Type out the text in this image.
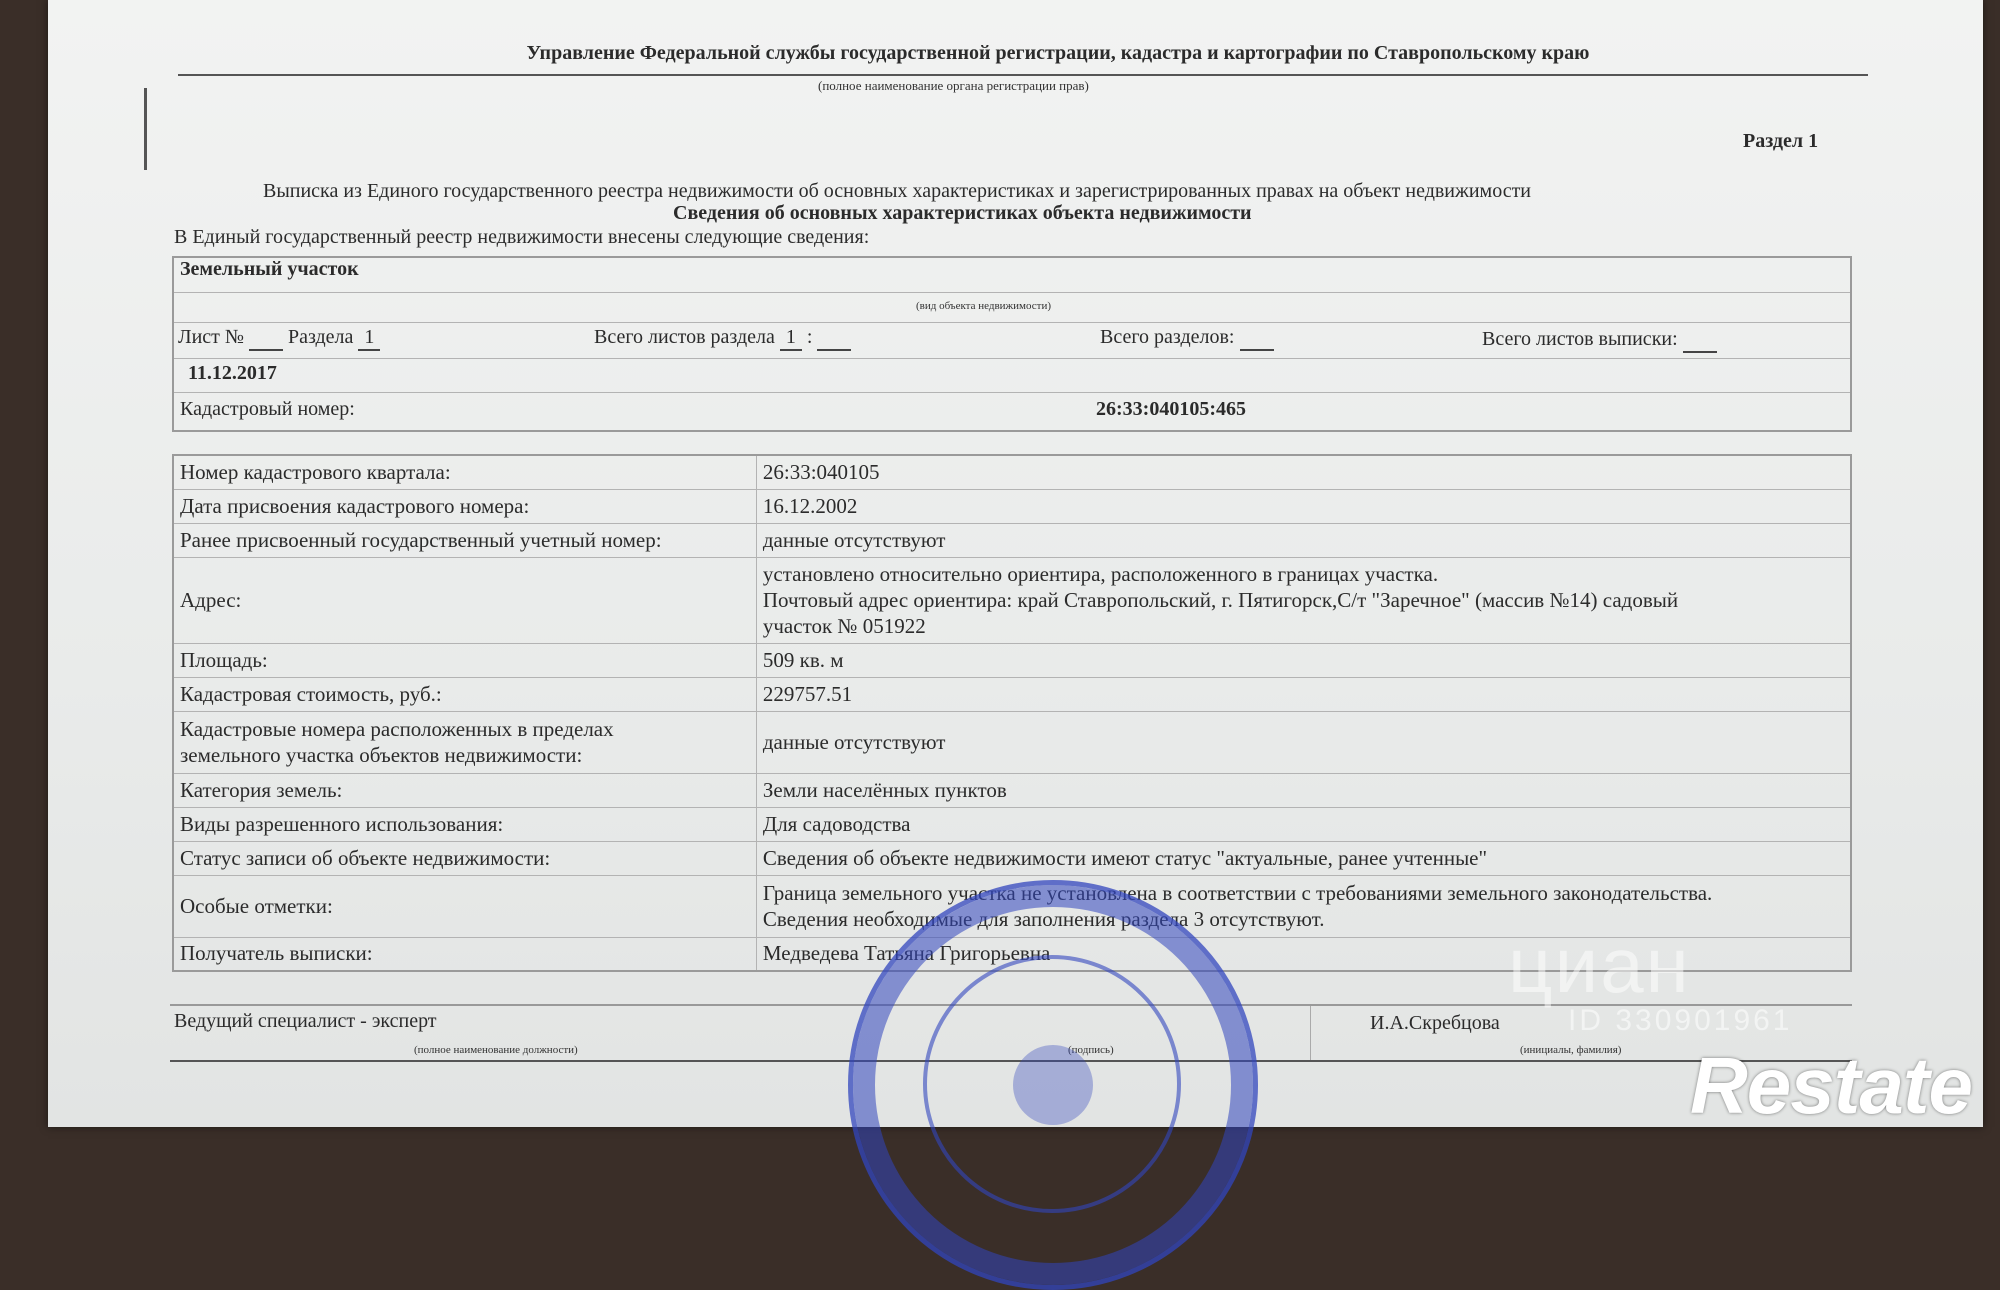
Управление Федеральной службы государственной регистрации, кадастра и картографии по Ставропольскому краю
(полное наименование органа регистрации прав)
Раздел 1
Выписка из Единого государственного реестра недвижимости об основных характеристиках и зарегистрированных правах на объект недвижимости
Сведения об основных характеристиках объекта недвижимости
В Единый государственный реестр недвижимости внесены следующие сведения:
Земельный участок
(вид объекта недвижимости)
Лист № Раздела 1	Всего листов раздела 1 :	Всего разделов:	Всего листов выписки:
11.12.2017
Кадастровый номер:	26:33:040105:465
Номер кадастрового квартала:	26:33:040105
Дата присвоения кадастрового номера:	16.12.2002
Ранее присвоенный государственный учетный номер:	данные отсутствуют
Адрес:	установлено относительно ориентира, расположенного в границах участка.
Почтовый адрес ориентира: край Ставропольский, г. Пятигорск,С/т "Заречное" (массив №14) садовый
участок № 051922

Площадь:	509 кв. м
Кадастровая стоимость, руб.:	229757.51

Кадастровые номера расположенных в пределах
земельного участка объектов недвижимости:	данные отсутствуют
Категория земель:	Земли населённых пунктов
Виды разрешенного использования:	Для садоводства
Статус записи об объекте недвижимости:	Сведения об объекте недвижимости имеют статус "актуальные, ранее учтенные"
Особые отметки:	Граница земельного участка не установлена в соответствии с требованиями земельного законодательства.
Сведения необходимые для заполнения раздела 3 отсутствуют.

Получатель выписки:	Медведева Татьяна Григорьевна
Ведущий специалист - эксперт	И.А.Скребцова
(полное наименование должности)	(подпись)	(инициалы, фамилия)
циан
ID 330901961
Restate
